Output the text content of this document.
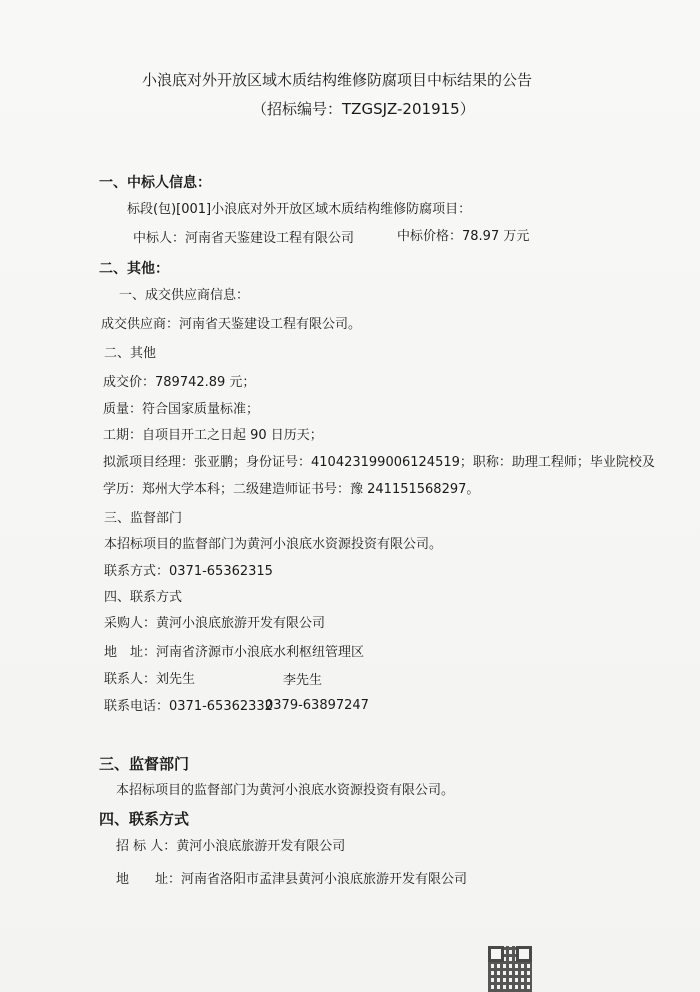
小浪底对外开放区域木质结构维修防腐项目中标结果的公告
（招标编号：TZGSJZ-201915）
一、中标人信息：
标段(包)[001]小浪底对外开放区域木质结构维修防腐项目：
中标人：河南省天鉴建设工程有限公司	中标价格：78.97 万元
二、其他：
一、成交供应商信息：
成交供应商：河南省天鉴建设工程有限公司。
二、其他
成交价：789742.89 元；
质量：符合国家质量标准；
工期：自项目开工之日起 90 日历天；
拟派项目经理：张亚鹏；身份证号：410423199006124519；职称：助理工程师；毕业院校及
学历：郑州大学本科；二级建造师证书号：豫 241151568297。
三、监督部门
本招标项目的监督部门为黄河小浪底水资源投资有限公司。
联系方式：0371-65362315
四、联系方式
采购人：黄河小浪底旅游开发有限公司
地　址：河南省济源市小浪底水利枢纽管理区
联系人：刘先生	李先生
联系电话：0371-65362332
0379-63897247
三、监督部门
本招标项目的监督部门为黄河小浪底水资源投资有限公司。
四、联系方式
招 标 人：黄河小浪底旅游开发有限公司
地　　址：河南省洛阳市孟津县黄河小浪底旅游开发有限公司
